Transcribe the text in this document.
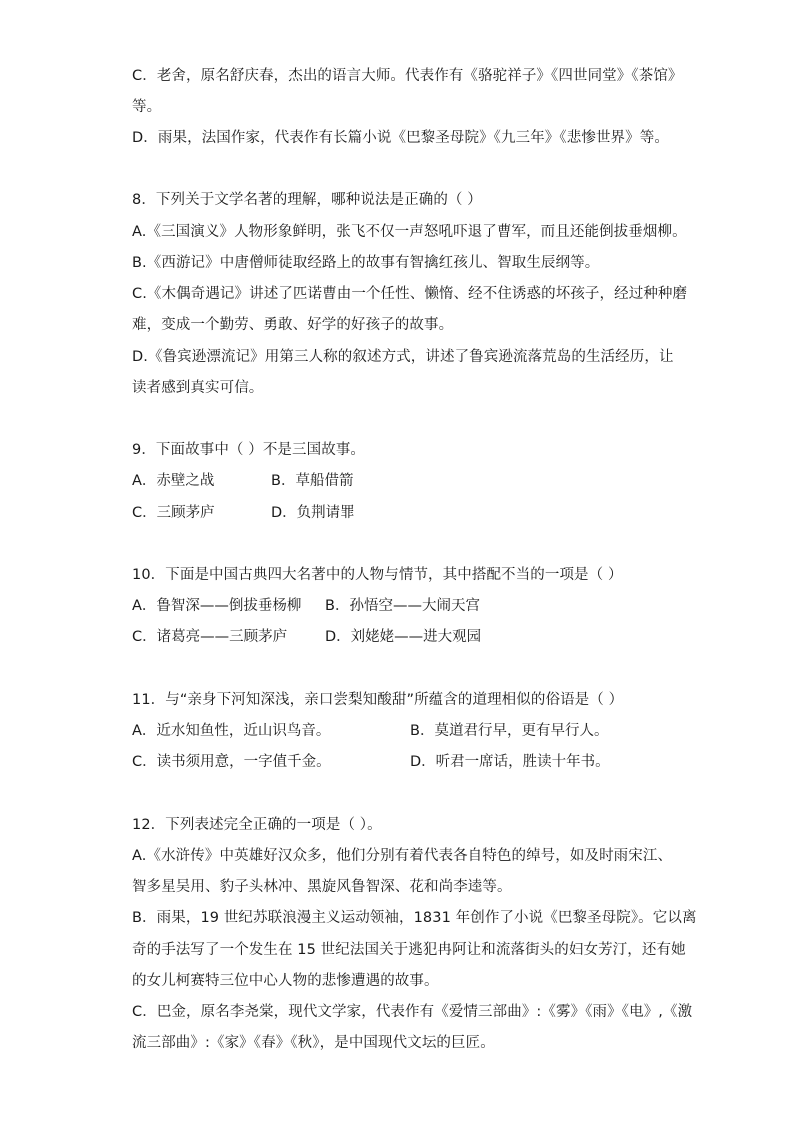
C．老舍，原名舒庆春，杰出的语言大师。代表作有《骆驼祥子》《四世同堂》《茶馆》
等。
D．雨果，法国作家，代表作有长篇小说《巴黎圣母院》《九三年》《悲惨世界》等。
8．下列关于文学名著的理解，哪种说法是正确的（ ）
A.《三国演义》人物形象鲜明，张飞不仅一声怒吼吓退了曹军，而且还能倒拔垂烟柳。
B.《西游记》中唐僧师徒取经路上的故事有智擒红孩儿、智取生辰纲等。
C.《木偶奇遇记》讲述了匹诺曹由一个任性、懒惰、经不住诱惑的坏孩子，经过种种磨
难，变成一个勤劳、勇敢、好学的好孩子的故事。
D.《鲁宾逊漂流记》用第三人称的叙述方式，讲述了鲁宾逊流落荒岛的生活经历，让
读者感到真实可信。
9．下面故事中（ ）不是三国故事。
A．赤壁之战	B．草船借箭
C．三顾茅庐	D．负荆请罪
10．下面是中国古典四大名著中的人物与情节，其中搭配不当的一项是（ ）
A．鲁智深——倒拔垂杨柳 B．孙悟空——大闹天宫
C．诸葛亮——三顾茅庐	D．刘姥姥——进大观园
11．与“亲身下河知深浅，亲口尝梨知酸甜”所蕴含的道理相似的俗语是（ ）
A．近水知鱼性，近山识鸟音。	B．莫道君行早，更有早行人。
C．读书须用意，一字值千金。	D．听君一席话，胜读十年书。
12．下列表述完全正确的一项是（ ）。
A.《水浒传》中英雄好汉众多，他们分别有着代表各自特色的绰号，如及时雨宋江、
智多星吴用、豹子头林冲、黑旋风鲁智深、花和尚李逵等。
B．雨果，19 世纪苏联浪漫主义运动领袖，1831 年创作了小说《巴黎圣母院》。它以离
奇的手法写了一个发生在 15 世纪法国关于逃犯冉阿让和流落街头的妇女芳汀，还有她
的女儿柯赛特三位中心人物的悲惨遭遇的故事。
C．巴金，原名李尧棠，现代文学家，代表作有《爱情三部曲》:《雾》《雨》《电》,《激
流三部曲》:《家》《春》《秋》，是中国现代文坛的巨匠。
